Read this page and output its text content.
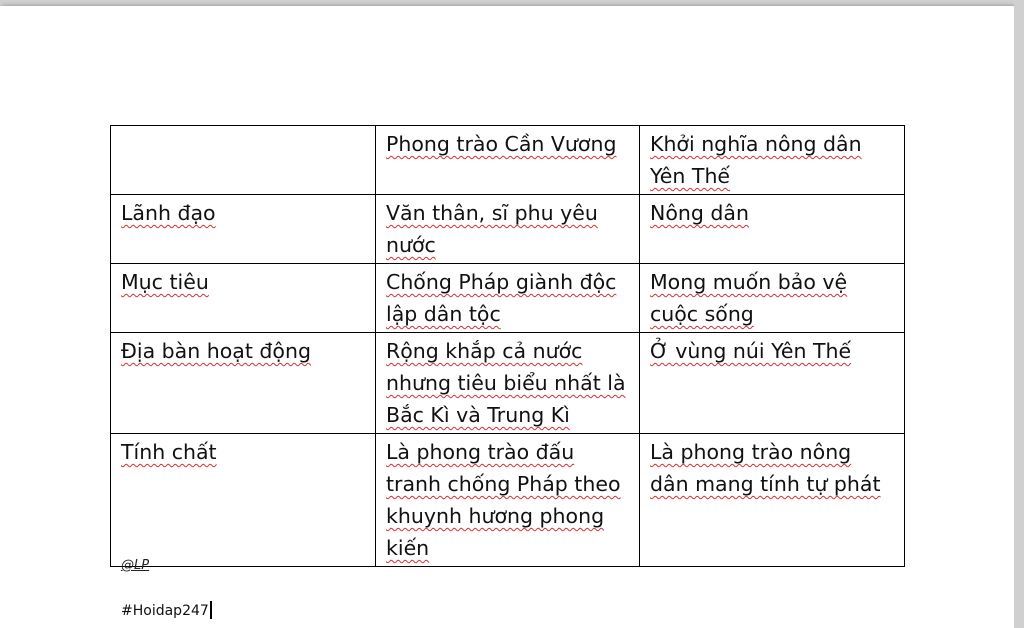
	Phong trào Cần Vương	Khởi nghĩa nông dân Yên Thế
Lãnh đạo	Văn thân, sĩ phu yêu nước	Nông dân
Mục tiêu	Chống Pháp giành độc lập dân tộc	Mong muốn bảo vệ cuộc sống
Địa bàn hoạt động	Rộng khắp cả nước nhưng tiêu biểu nhất là Bắc Kì và Trung Kì	Ở vùng núi Yên Thế
Tính chất	Là phong trào đấu tranh chống Pháp theo khuynh hương phong kiến	Là phong trào nông dân mang tính tự phát
@LP
#Hoidap247
